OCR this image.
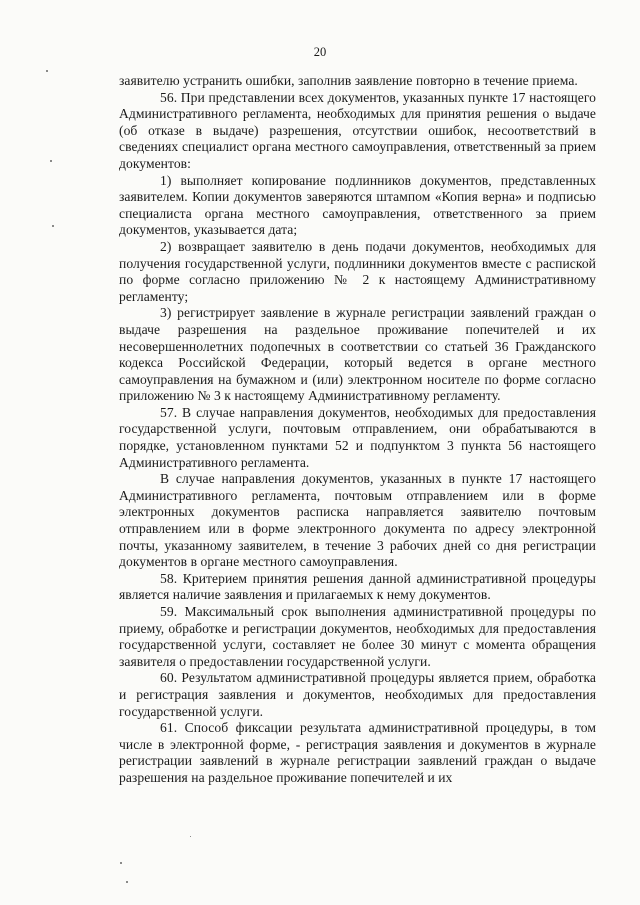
20

заявителю устранить ошибки, заполнив заявление повторно в течение приема.

56. При представлении всех документов, указанных пункте 17 настоящего Административного регламента, необходимых для принятия решения о выдаче (об отказе в выдаче) разрешения, отсутствии ошибок, несоответствий в сведениях специалист органа местного самоуправления, ответственный за прием документов:

1) выполняет копирование подлинников документов, представленных заявителем. Копии документов заверяются штампом «Копия верна» и подписью специалиста органа местного самоуправления, ответственного за прием документов, указывается дата;

2) возвращает заявителю в день подачи документов, необходимых для получения государственной услуги, подлинники документов вместе с распиской по форме согласно приложению № 2 к настоящему Административному регламенту;

3) регистрирует заявление в журнале регистрации заявлений граждан о выдаче разрешения на раздельное проживание попечителей и их несовершеннолетних подопечных в соответствии со статьей 36 Гражданского кодекса Российской Федерации, который ведется в органе местного самоуправления на бумажном и (или) электронном носителе по форме согласно приложению № 3 к настоящему Административному регламенту.

57. В случае направления документов, необходимых для предоставления государственной услуги, почтовым отправлением, они обрабатываются в порядке, установленном пунктами 52 и подпунктом 3 пункта 56 настоящего Административного регламента.

В случае направления документов, указанных в пункте 17 настоящего Административного регламента, почтовым отправлением или в форме электронных документов расписка направляется заявителю почтовым отправлением или в форме электронного документа по адресу электронной почты, указанному заявителем, в течение 3 рабочих дней со дня регистрации документов в органе местного самоуправления.

58. Критерием принятия решения данной административной процедуры является наличие заявления и прилагаемых к нему документов.

59. Максимальный срок выполнения административной процедуры по приему, обработке и регистрации документов, необходимых для предоставления государственной услуги, составляет не более 30 минут с момента обращения заявителя о предоставлении государственной услуги.

60. Результатом административной процедуры является прием, обработка и регистрация заявления и документов, необходимых для предоставления государственной услуги.

61. Способ фиксации результата административной процедуры, в том числе в электронной форме, - регистрация заявления и документов в журнале регистрации заявлений в журнале регистрации заявлений граждан о выдаче разрешения на раздельное проживание попечителей и их
